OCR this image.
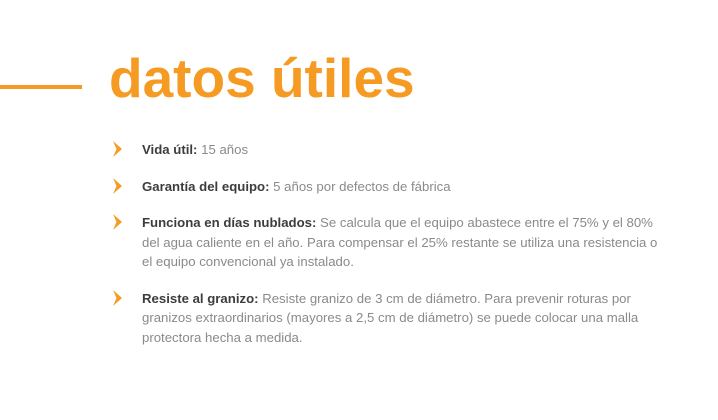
datos útiles
Vida útil: 15 años
Garantía del equipo: 5 años por defectos de fábrica
Funciona en días nublados: Se calcula que el equipo abastece entre el 75% y el 80% del agua caliente en el año. Para compensar el 25% restante se utiliza una resistencia o el equipo convencional ya instalado.
Resiste al granizo: Resiste granizo de 3 cm de diámetro. Para prevenir roturas por granizos extraordinarios (mayores a 2,5 cm de diámetro) se puede colocar una malla protectora hecha a medida.
